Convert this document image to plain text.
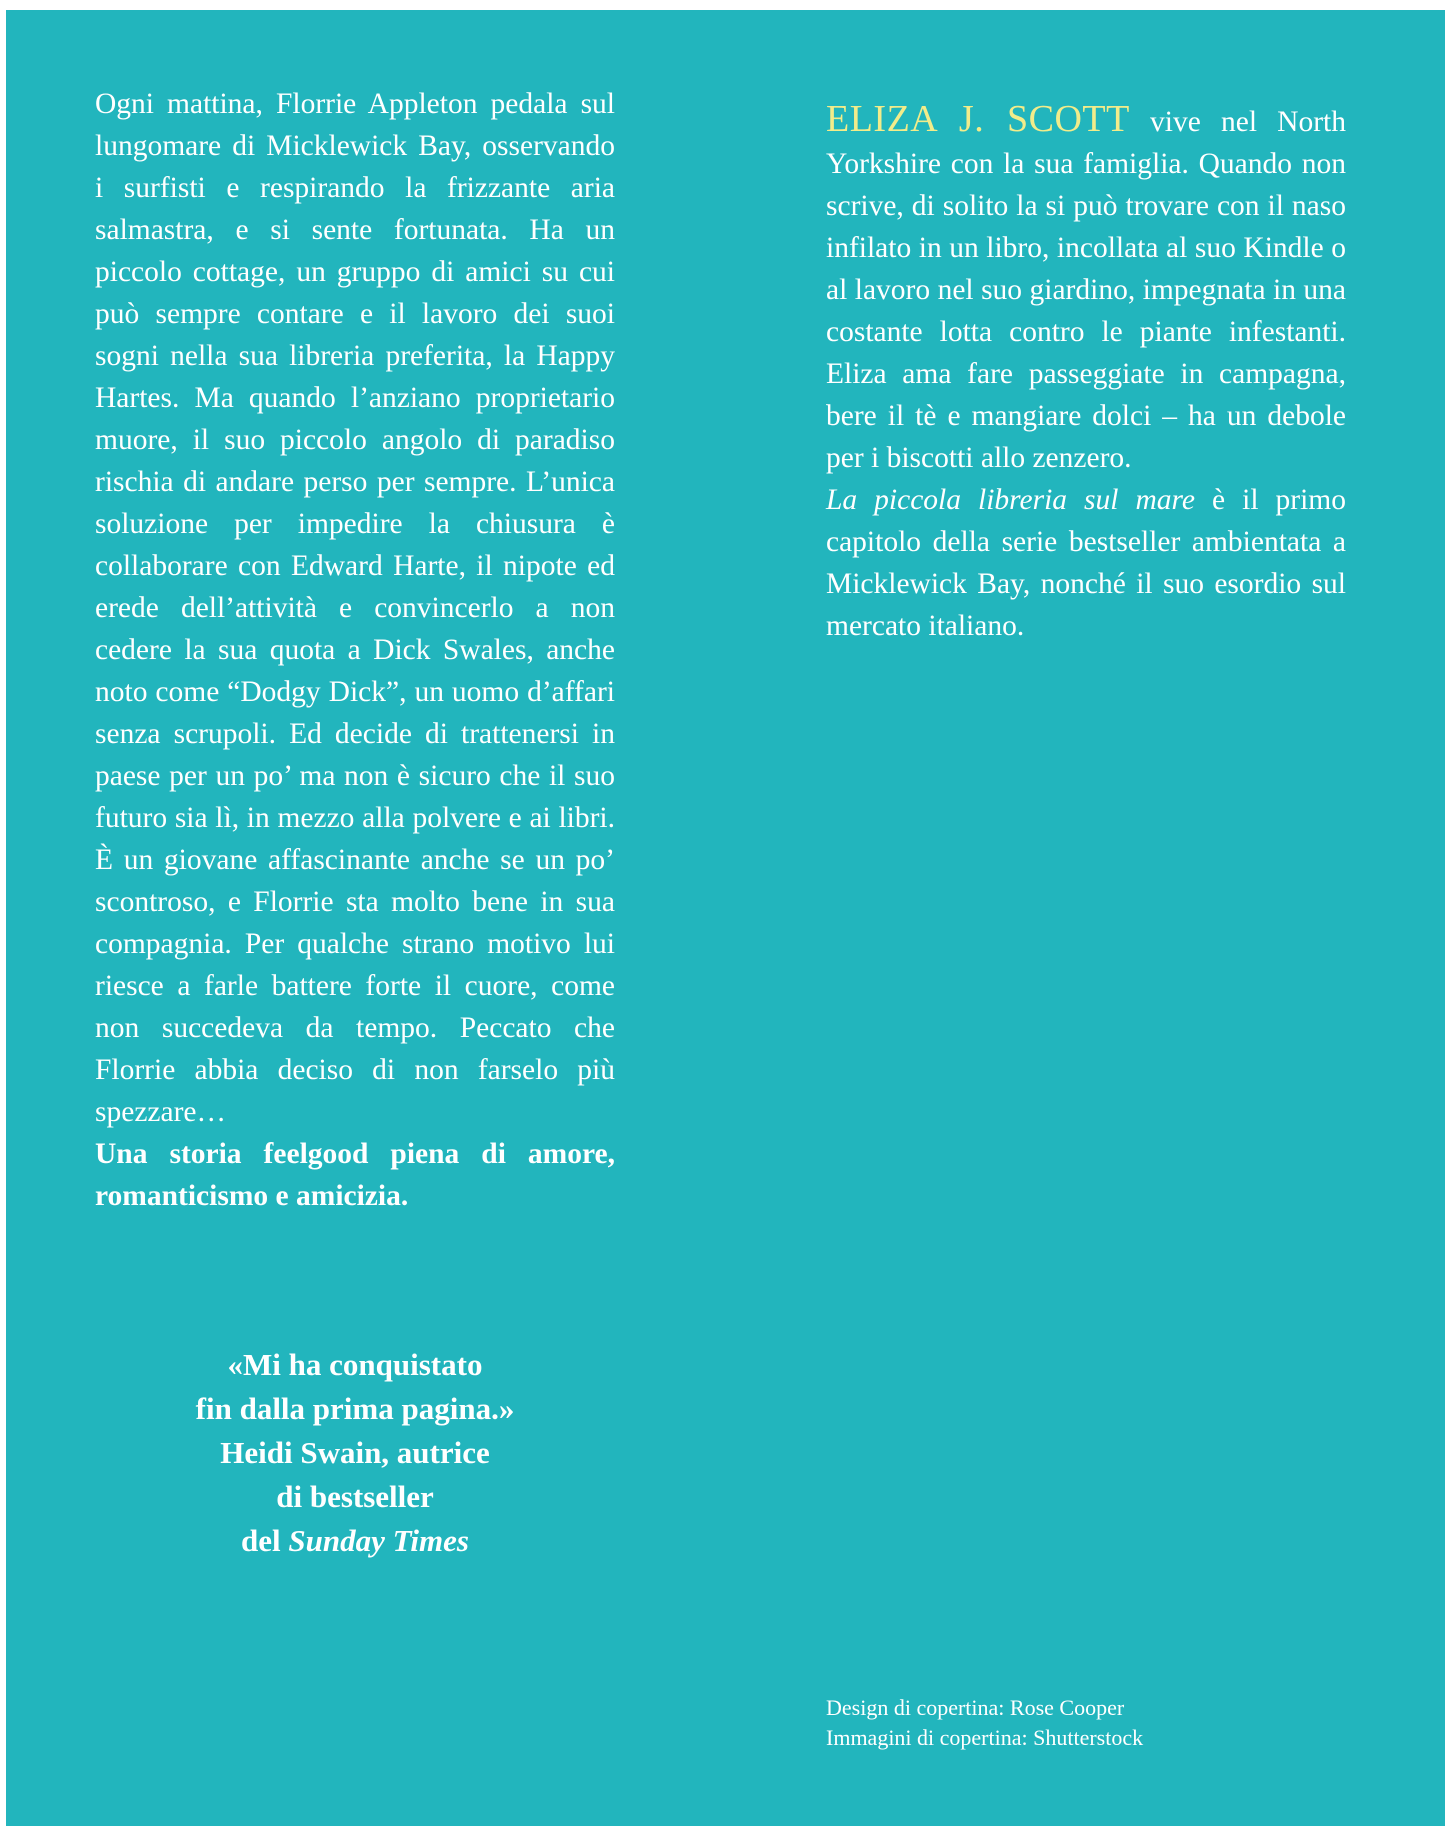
Ogni mattina, Florrie Appleton pedala sul lungomare di Micklewick Bay, osservando i surfisti e respirando la frizzante aria salmastra, e si sente fortunata. Ha un piccolo cottage, un gruppo di amici su cui può sempre contare e il lavoro dei suoi sogni nella sua libreria preferita, la Happy Hartes. Ma quando l’anziano proprietario muore, il suo piccolo angolo di paradiso rischia di andare perso per sempre. L’unica soluzione per impedire la chiusura è collaborare con Edward Harte, il nipote ed erede dell’attività e convincerlo a non cedere la sua quota a Dick Swales, anche noto come “Dodgy Dick”, un uomo d’affari senza scrupoli. Ed decide di trattenersi in paese per un po’ ma non è sicuro che il suo futuro sia lì, in mezzo alla polvere e ai libri. È un giovane affascinante anche se un po’ scontroso, e Florrie sta molto bene in sua compagnia. Per qualche strano motivo lui riesce a farle battere forte il cuore, come non succedeva da tempo. Peccato che Florrie abbia deciso di non farselo più spezzare…

Una storia feelgood piena di amore, romanticismo e amicizia.

«Mi ha conquistato
fin dalla prima pagina.»
Heidi Swain, autrice
di bestseller
del Sunday Times

ELIZA J. SCOTT vive nel North Yorkshire con la sua famiglia. Quando non scrive, di solito la si può trovare con il naso infilato in un libro, incollata al suo Kindle o al lavoro nel suo giardino, impegnata in una costante lotta contro le piante infestanti. Eliza ama fare passeggiate in campagna, bere il tè e mangiare dolci – ha un debole per i biscotti allo zenzero.

La piccola libreria sul mare è il primo capitolo della serie bestseller ambientata a Micklewick Bay, nonché il suo esordio sul mercato italiano.

Design di copertina: Rose Cooper
Immagini di copertina: Shutterstock
